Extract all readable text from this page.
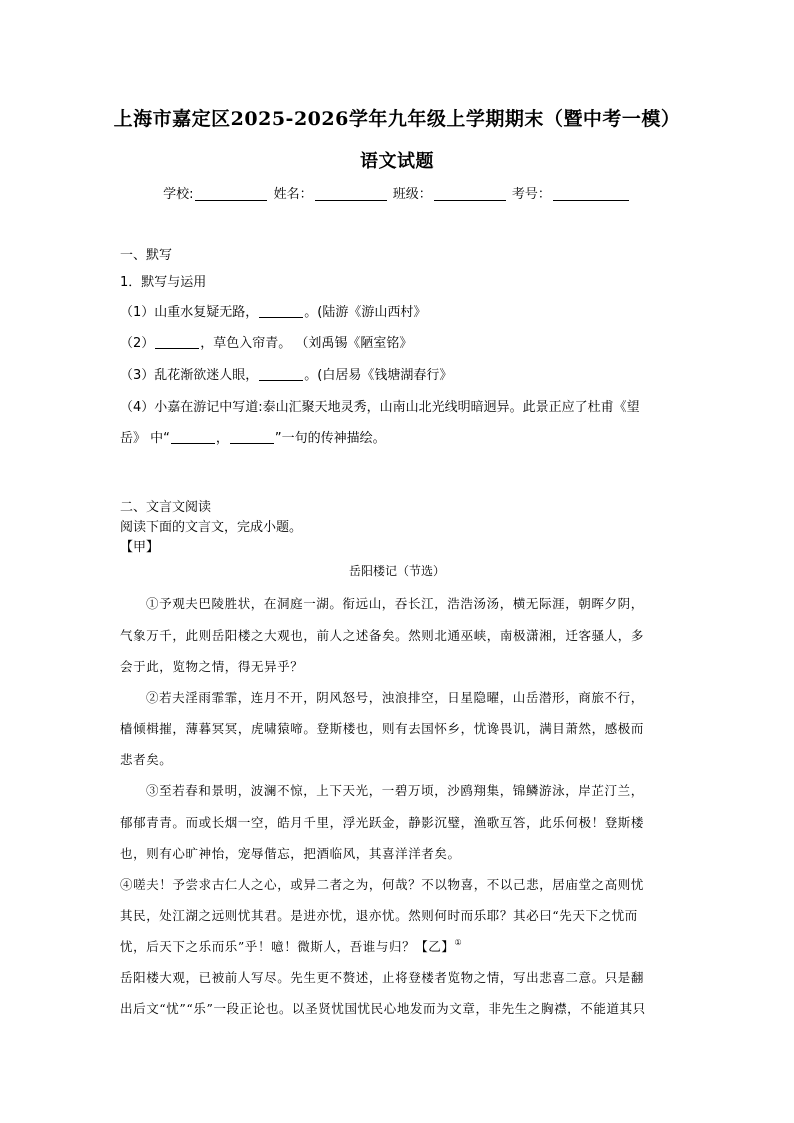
上海市嘉定区2025-2026学年九年级上学期期末（暨中考一模）
语文试题
学校:	姓名：	班级：	考号：
一、默写
1．默写与运用
（1）山重水复疑无路，	。(陆游《游山西村》
（2）	，草色入帘青。 （刘禹锡《陋室铭》
（3）乱花渐欲迷人眼，	。(白居易《钱塘湖春行》
（4）小嘉在游记中写道:泰山汇聚天地灵秀，山南山北光线明暗迥异。此景正应了杜甫《望
岳》 中“	，	”一句的传神描绘。
二、文言文阅读
阅读下面的文言文，完成小题。
【甲】
岳阳楼记（节选）
①予观夫巴陵胜状，在洞庭一湖。衔远山，吞长江，浩浩汤汤，横无际涯，朝晖夕阴，
气象万千，此则岳阳楼之大观也，前人之述备矣。然则北通巫峡，南极潇湘，迁客骚人，多
会于此，览物之情，得无异乎？
②若夫淫雨霏霏，连月不开，阴风怒号，浊浪排空，日星隐曜，山岳潜形，商旅不行，
樯倾楫摧，薄暮冥冥，虎啸猿啼。登斯楼也，则有去国怀乡，忧谗畏讥，满目萧然，感极而
悲者矣。
③至若春和景明，波澜不惊，上下天光，一碧万顷，沙鸥翔集，锦鳞游泳，岸芷汀兰，
郁郁青青。而或长烟一空，皓月千里，浮光跃金，静影沉璧，渔歌互答，此乐何极！登斯楼
也，则有心旷神怡，宠辱偕忘，把酒临风，其喜洋洋者矣。
④嗟夫！予尝求古仁人之心，或异二者之为，何哉？不以物喜，不以己悲，居庙堂之高则忧
其民，处江湖之远则忧其君。是进亦忧，退亦忧。然则何时而乐耶？其必曰“先天下之忧而
忧，后天下之乐而乐”乎！噫！微斯人，吾谁与归？【乙】①
岳阳楼大观，已被前人写尽。先生更不赘述，止将登楼者览物之情，写出悲喜二意。只是翻
出后文“忧”“乐”一段正论也。以圣贤忧国忧民心地发而为文章，非先生之胸襟，不能道其只
